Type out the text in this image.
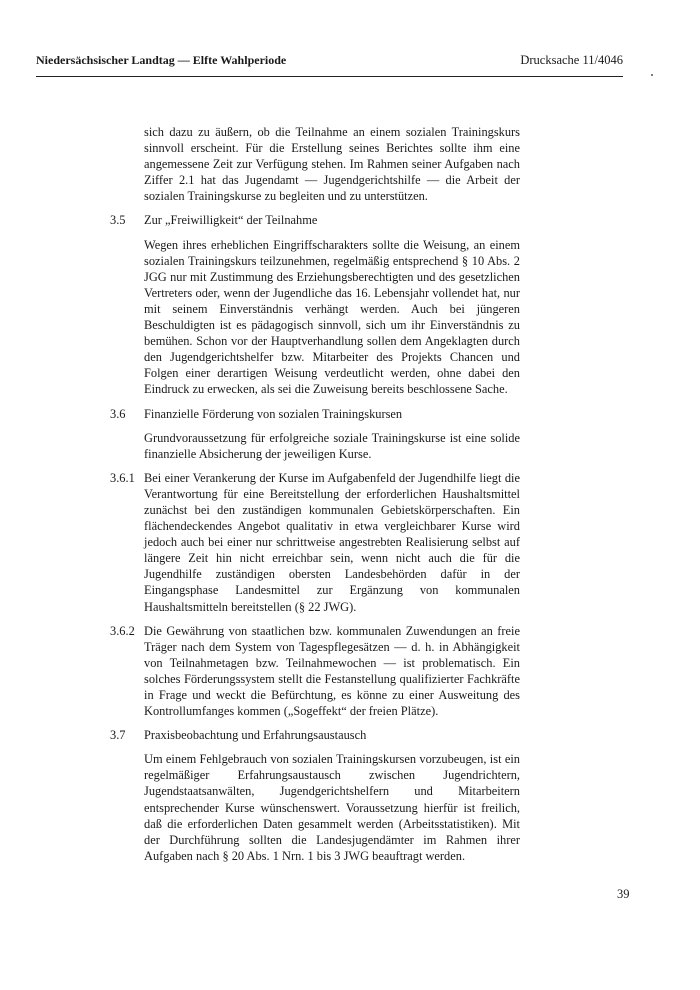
Niedersächsischer Landtag — Elfte Wahlperiode	Drucksache 11/4046

sich dazu zu äußern, ob die Teilnahme an einem sozialen Trainingskurs sinnvoll erscheint. Für die Erstellung seines Berichtes sollte ihm eine angemessene Zeit zur Verfügung stehen. Im Rahmen seiner Aufgaben nach Ziffer 2.1 hat das Jugendamt — Jugendgerichtshilfe — die Arbeit der sozialen Trainingskurse zu begleiten und zu unterstützen.

3.5 Zur „Freiwilligkeit“ der Teilnahme
Wegen ihres erheblichen Eingriffscharakters sollte die Weisung, an einem sozialen Trainingskurs teilzunehmen, regelmäßig entsprechend § 10 Abs. 2 JGG nur mit Zustimmung des Erziehungsberechtigten und des gesetzlichen Vertreters oder, wenn der Jugendliche das 16. Lebensjahr vollendet hat, nur mit seinem Einverständnis verhängt werden. Auch bei jüngeren Beschuldigten ist es pädagogisch sinnvoll, sich um ihr Einverständnis zu bemühen. Schon vor der Hauptverhandlung sollen dem Angeklagten durch den Jugendgerichtshelfer bzw. Mitarbeiter des Projekts Chancen und Folgen einer derartigen Weisung verdeutlicht werden, ohne dabei den Eindruck zu erwecken, als sei die Zuweisung bereits beschlossene Sache.
3.6 Finanzielle Förderung von sozialen Trainingskursen
Grundvoraussetzung für erfolgreiche soziale Trainingskurse ist eine solide finanzielle Absicherung der jeweiligen Kurse.
3.6.1 Bei einer Verankerung der Kurse im Aufgabenfeld der Jugendhilfe liegt die Verantwortung für eine Bereitstellung der erforderlichen Haushaltsmittel zunächst bei den zuständigen kommunalen Gebietskörperschaften. Ein flächendeckendes Angebot qualitativ in etwa vergleichbarer Kurse wird jedoch auch bei einer nur schrittweise angestrebten Realisierung selbst auf längere Zeit hin nicht erreichbar sein, wenn nicht auch die für die Jugendhilfe zuständigen obersten Landesbehörden dafür in der Eingangsphase Landesmittel zur Ergänzung von kommunalen Haushaltsmitteln bereitstellen (§ 22 JWG).
3.6.2 Die Gewährung von staatlichen bzw. kommunalen Zuwendungen an freie Träger nach dem System von Tagespflegesätzen — d. h. in Abhängigkeit von Teilnahmetagen bzw. Teilnahmewochen — ist problematisch. Ein solches Förderungssystem stellt die Festanstellung qualifizierter Fachkräfte in Frage und weckt die Befürchtung, es könne zu einer Ausweitung des Kontrollumfanges kommen („Sogeffekt“ der freien Plätze).
3.7 Praxisbeobachtung und Erfahrungsaustausch
Um einem Fehlgebrauch von sozialen Trainingskursen vorzubeugen, ist ein regelmäßiger Erfahrungsaustausch zwischen Jugendrichtern, Jugendstaatsanwälten, Jugendgerichtshelfern und Mitarbeitern entsprechender Kurse wünschenswert. Voraussetzung hierfür ist freilich, daß die erforderlichen Daten gesammelt werden (Arbeitsstatistiken). Mit der Durchführung sollten die Landesjugendämter im Rahmen ihrer Aufgaben nach § 20 Abs. 1 Nrn. 1 bis 3 JWG beauftragt werden.
39
